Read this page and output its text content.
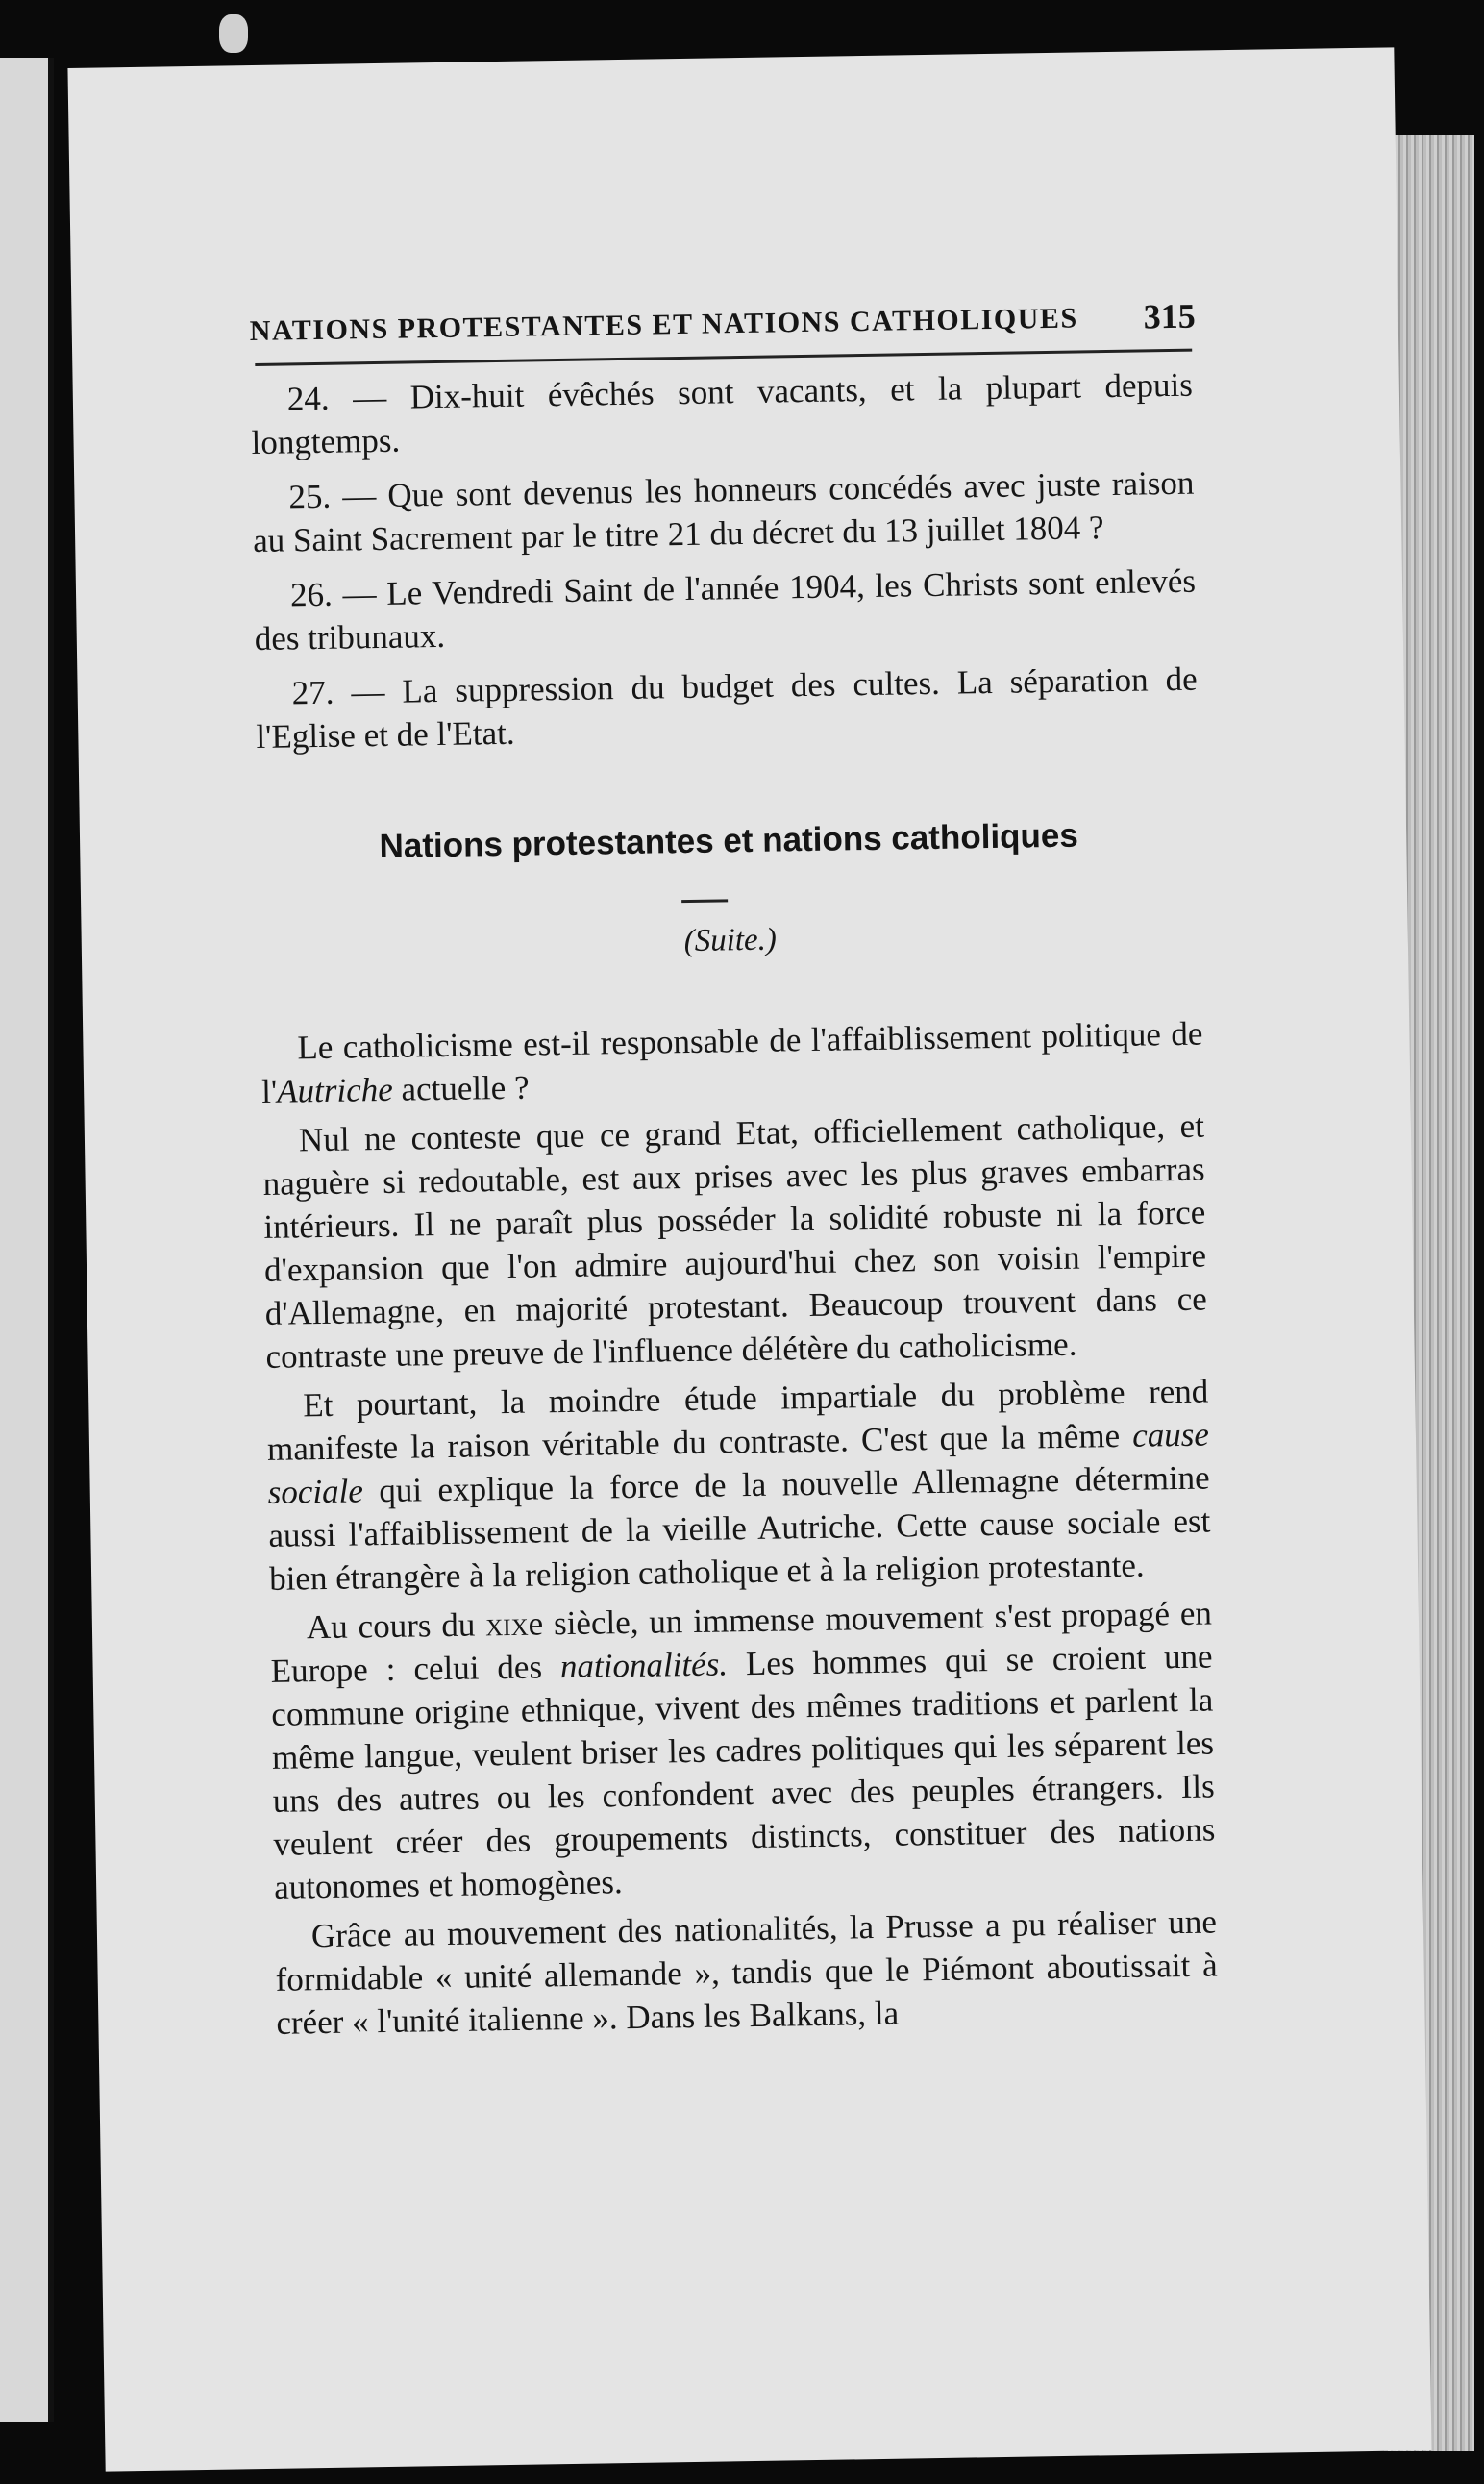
NATIONS PROTESTANTES ET NATIONS CATHOLIQUES	315

24. — Dix-huit évêchés sont vacants, et la plupart depuis longtemps.

25. — Que sont devenus les honneurs concédés avec juste raison au Saint Sacrement par le titre 21 du décret du 13 juillet 1804 ?

26. — Le Vendredi Saint de l'année 1904, les Christs sont enlevés des tribunaux.

27. — La suppression du budget des cultes. La séparation de l'Eglise et de l'Etat.

Nations protestantes et nations catholiques
(Suite.)

Le catholicisme est-il responsable de l'affaiblissement politique de l'Autriche actuelle ?

Nul ne conteste que ce grand Etat, officiellement catholique, et naguère si redoutable, est aux prises avec les plus graves embarras intérieurs. Il ne paraît plus posséder la solidité robuste ni la force d'expansion que l'on admire aujourd'hui chez son voisin l'empire d'Allemagne, en majorité protestant. Beaucoup trouvent dans ce contraste une preuve de l'influence délétère du catholicisme.

Et pourtant, la moindre étude impartiale du problème rend manifeste la raison véritable du contraste. C'est que la même cause sociale qui explique la force de la nouvelle Allemagne détermine aussi l'affaiblissement de la vieille Autriche. Cette cause sociale est bien étrangère à la religion catholique et à la religion protestante.

Au cours du xixe siècle, un immense mouvement s'est propagé en Europe : celui des nationalités. Les hommes qui se croient une commune origine ethnique, vivent des mêmes traditions et parlent la même langue, veulent briser les cadres politiques qui les séparent les uns des autres ou les confondent avec des peuples étrangers. Ils veulent créer des groupements distincts, constituer des nations autonomes et homogènes.

Grâce au mouvement des nationalités, la Prusse a pu réaliser une formidable « unité allemande », tandis que le Piémont aboutissait à créer « l'unité italienne ». Dans les Balkans, la
